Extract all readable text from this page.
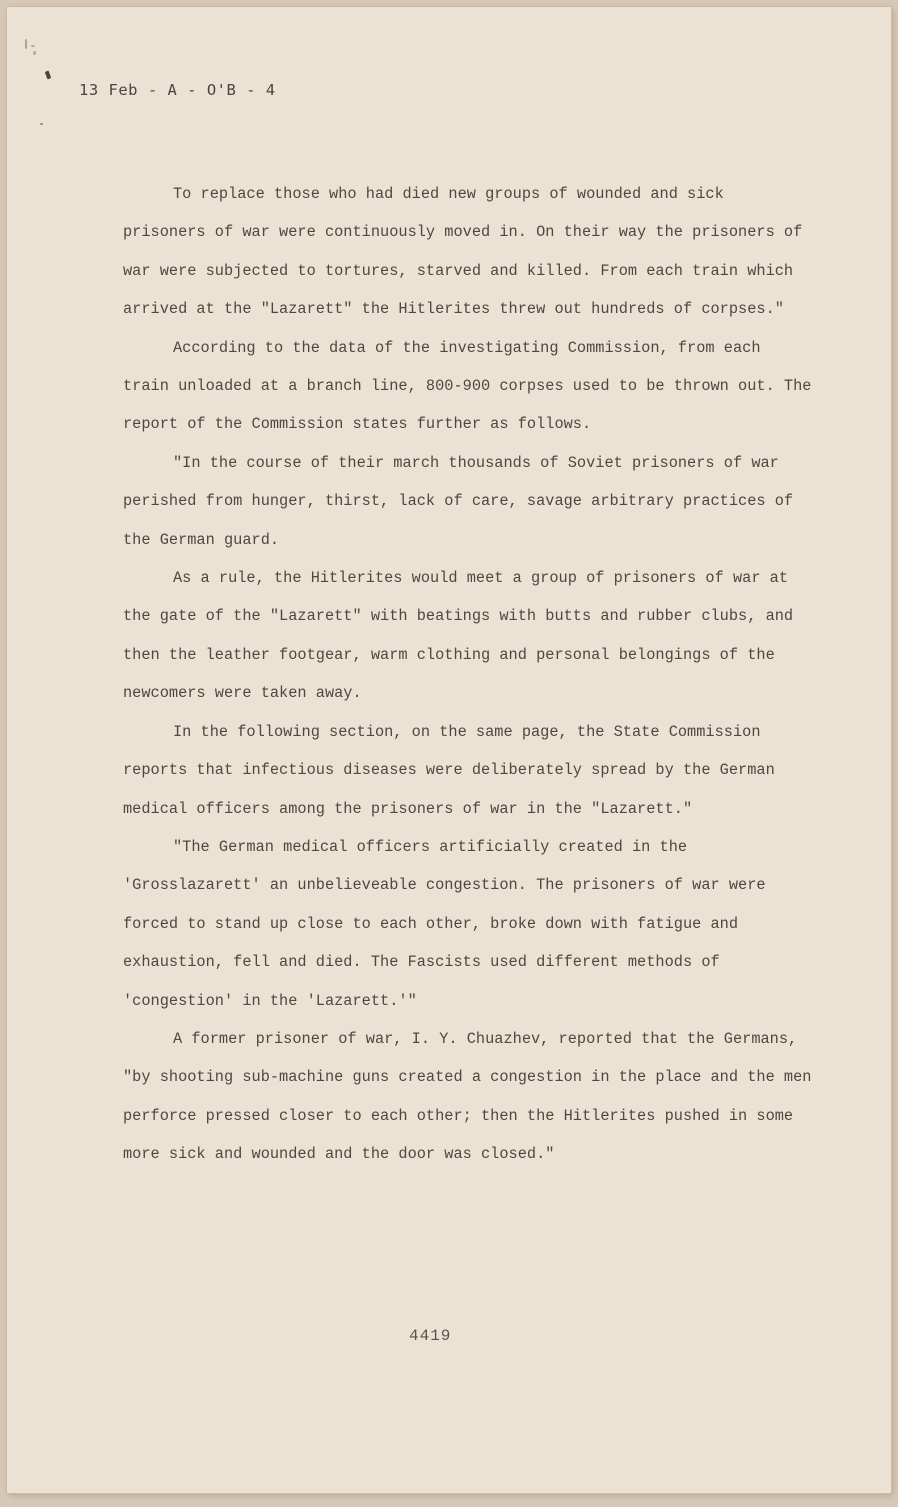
13 Feb - A - O'B - 4

To replace those who had died new groups of wounded and sick prisoners of war were continuously moved in. On their way the prisoners of war were subjected to tortures, starved and killed. From each train which arrived at the "Lazarett" the Hitlerites threw out hundreds of corpses."

According to the data of the investigating Commission, from each train unloaded at a branch line, 800-900 corpses used to be thrown out. The report of the Commission states further as follows.

"In the course of their march thousands of Soviet prisoners of war perished from hunger, thirst, lack of care, savage arbitrary practices of the German guard.

As a rule, the Hitlerites would meet a group of prisoners of war at the gate of the "Lazarett" with beatings with butts and rubber clubs, and then the leather footgear, warm clothing and personal belongings of the newcomers were taken away.

In the following section, on the same page, the State Commission reports that infectious diseases were deliberately spread by the German medical officers among the prisoners of war in the "Lazarett."

"The German medical officers artificially created in the 'Grosslazarett' an unbelieveable congestion. The prisoners of war were forced to stand up close to each other, broke down with fatigue and exhaustion, fell and died. The Fascists used different methods of 'congestion' in the 'Lazarett.'"

A former prisoner of war, I. Y. Chuazhev, reported that the Germans, "by shooting sub-machine guns created a congestion in the place and the men perforce pressed closer to each other; then the Hitlerites pushed in some more sick and wounded and the door was closed."

4419
